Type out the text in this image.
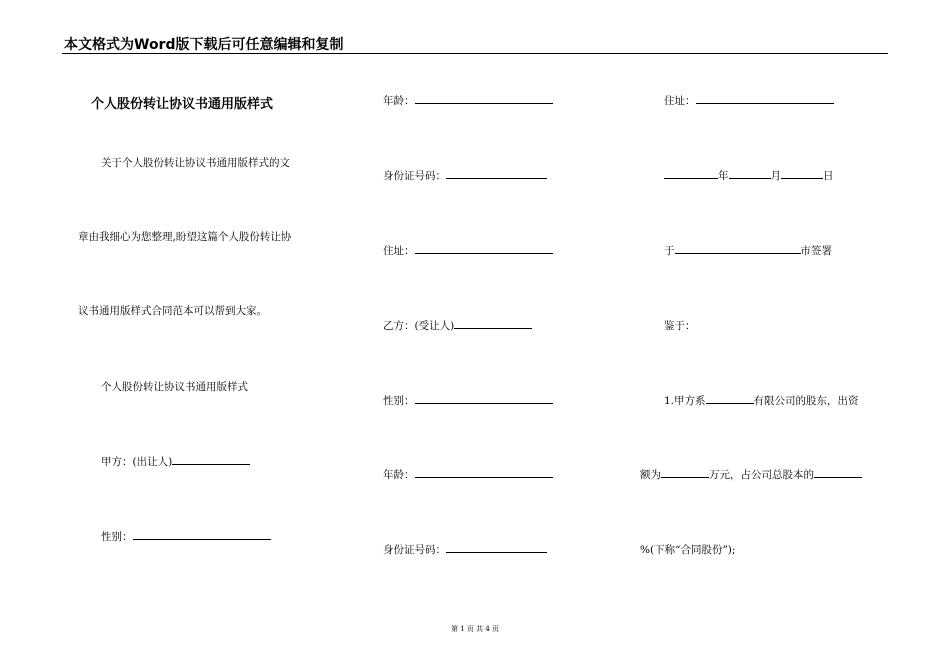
本文格式为Word版下载后可任意编辑和复制
个人股份转让协议书通用版样式
关于个人股份转让协议书通用版样式的文
章由我细心为您整理,盼望这篇个人股份转让协
议书通用版样式合同范本可以帮到大家。
个人股份转让协议书通用版样式
甲方：(出让人)
性别：
年龄：
身份证号码：
住址：
乙方：(受让人)
性别：
年龄：
身份证号码：
住址：
年	月	日
于	市签署
鉴于：
1.甲方系	有限公司的股东，出资
额为	万元，占公司总股本的
%(下称“合同股份”);
第 1 页 共 4 页
